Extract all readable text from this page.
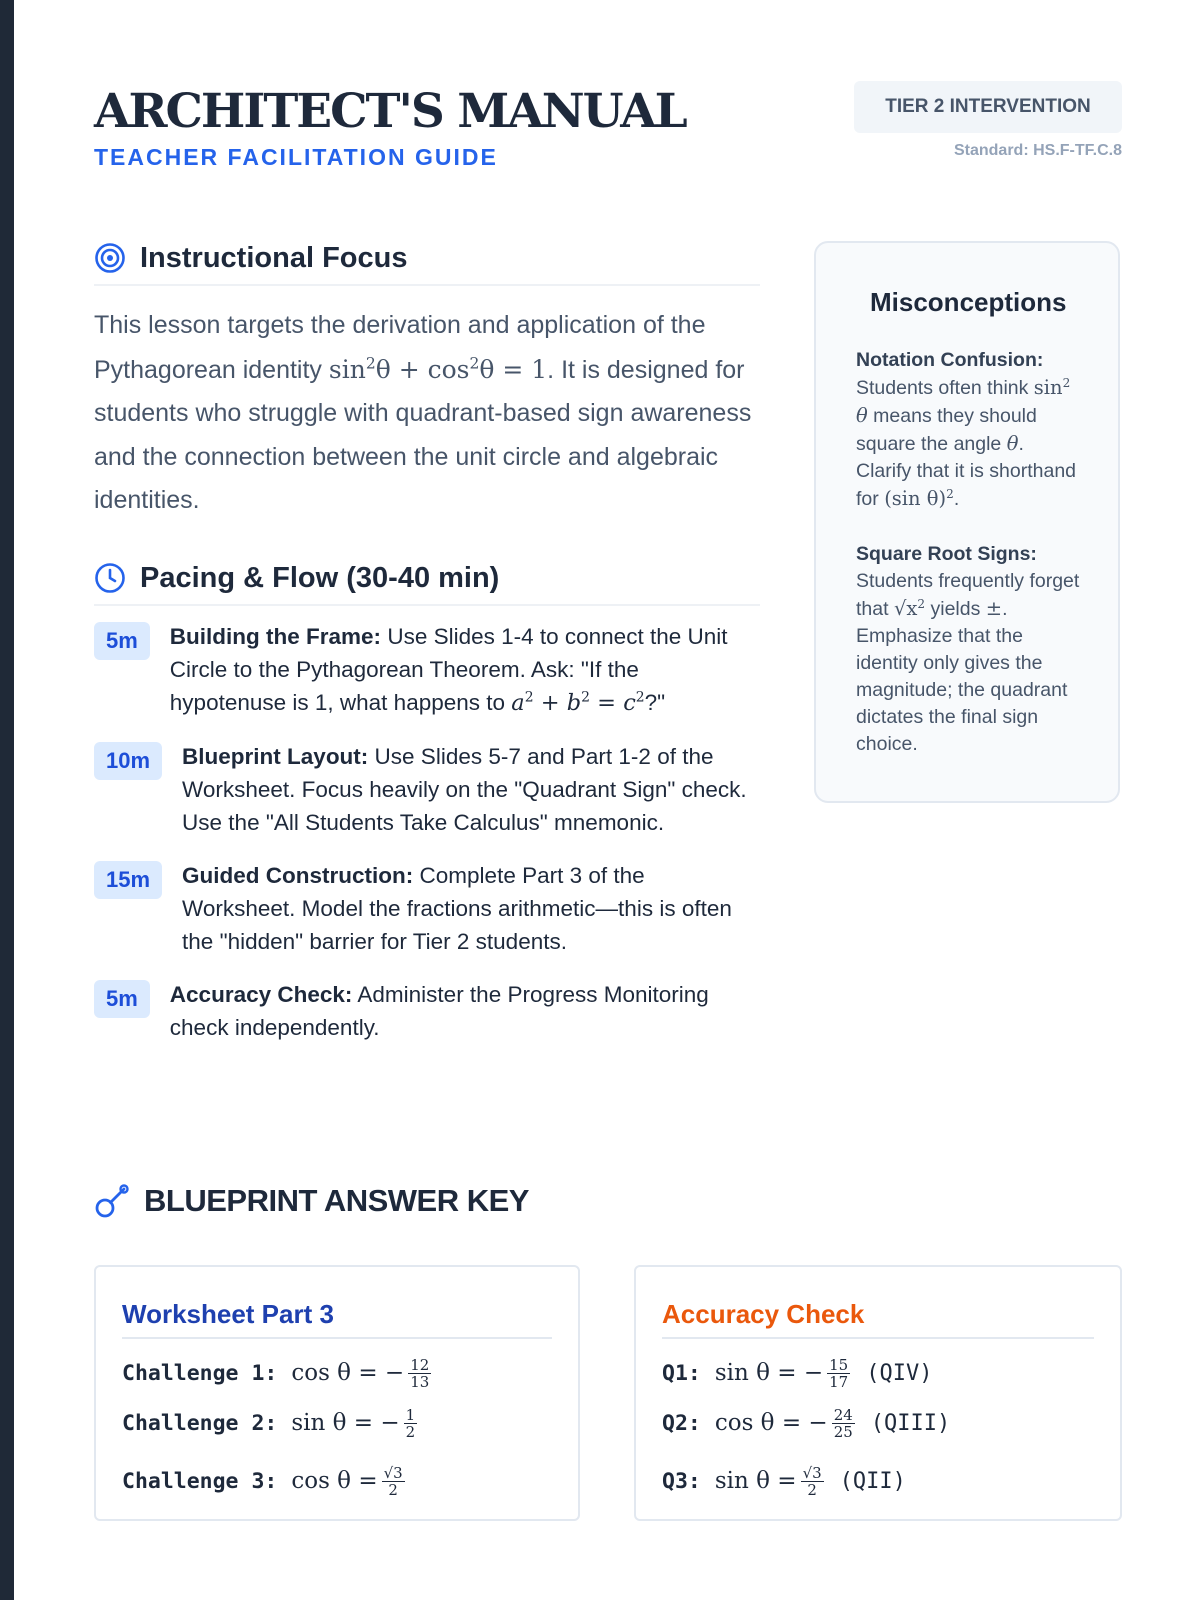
ARCHITECT'S MANUAL
TEACHER FACILITATION GUIDE
TIER 2 INTERVENTION
Standard: HS.F-TF.C.8
Instructional Focus
This lesson targets the derivation and application of the Pythagorean identity $\sin^2\theta + \cos^2\theta = 1$. It is designed for students who struggle with quadrant-based sign awareness and the connection between the unit circle and algebraic identities.
Pacing & Flow (30-40 min)
5m	Building the Frame: Use Slides 1-4 to connect the Unit Circle to the Pythagorean Theorem. Ask: "If the hypotenuse is 1, what happens to $a^2 + b^2 = c^2$?"
10m	Blueprint Layout: Use Slides 5-7 and Part 1-2 of the Worksheet. Focus heavily on the "Quadrant Sign" check. Use the "All Students Take Calculus" mnemonic.
15m	Guided Construction: Complete Part 3 of the Worksheet. Model the fractions arithmetic—this is often the "hidden" barrier for Tier 2 students.
5m	Accuracy Check: Administer the Progress Monitoring check independently.
Misconceptions
Notation Confusion: Students often think $\sin^2 \theta$ means they should square the angle θ. Clarify that it is shorthand for (sin θ)$^2$.
Square Root Signs: Students frequently forget that $√x^2$ yields ±. Emphasize that the identity only gives the magnitude; the quadrant dictates the final sign choice.
BLUEPRINT ANSWER KEY
Worksheet Part 3
Challenge 1: cos θ = − $\frac{12}{13}$
Challenge 2: sin θ = − $\frac{1}{2}$
Challenge 3: $\cos \theta = \frac{√3}{2}$
Accuracy Check
Q1: sin θ = − $\frac{15}{17} (QIV)$
Q2: cos θ = − $\frac{24}{25}$ (QIII)
Q3: $\sin \theta = \frac{√3}{2} (QII)$
